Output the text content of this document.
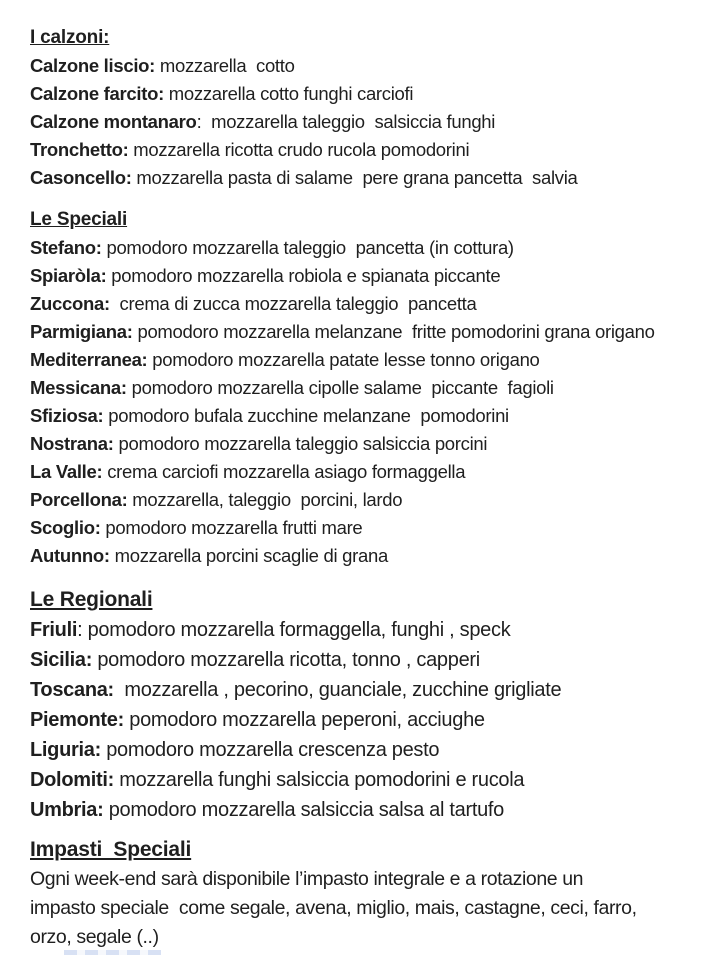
I calzoni:

Calzone liscio: mozzarella  cotto

Calzone farcito: mozzarella cotto funghi carciofi

Calzone montanaro:  mozzarella taleggio  salsiccia funghi

Tronchetto: mozzarella ricotta crudo rucola pomodorini

Casoncello: mozzarella pasta di salame  pere grana pancetta  salvia

Le Speciali

Stefano: pomodoro mozzarella taleggio  pancetta (in cottura)

Spiaròla: pomodoro mozzarella robiola e spianata piccante

Zuccona:  crema di zucca mozzarella taleggio  pancetta

Parmigiana: pomodoro mozzarella melanzane  fritte pomodorini grana origano

Mediterranea: pomodoro mozzarella patate lesse tonno origano

Messicana: pomodoro mozzarella cipolle salame  piccante  fagioli

Sfiziosa: pomodoro bufala zucchine melanzane  pomodorini

Nostrana: pomodoro mozzarella taleggio salsiccia porcini

La Valle: crema carciofi mozzarella asiago formaggella

Porcellona: mozzarella, taleggio  porcini, lardo

Scoglio: pomodoro mozzarella frutti mare

Autunno: mozzarella porcini scaglie di grana

Le Regionali

Friuli: pomodoro mozzarella formaggella, funghi , speck

Sicilia: pomodoro mozzarella ricotta, tonno , capperi

Toscana:  mozzarella , pecorino, guanciale, zucchine grigliate

Piemonte: pomodoro mozzarella peperoni, acciughe

Liguria: pomodoro mozzarella crescenza pesto

Dolomiti: mozzarella funghi salsiccia pomodorini e rucola

Umbria: pomodoro mozzarella salsiccia salsa al tartufo

Impasti  Speciali

Ogni week-end sarà disponibile l’impasto integrale e a rotazione un

impasto speciale  come segale, avena, miglio, mais, castagne, ceci, farro,

orzo, segale (..)
